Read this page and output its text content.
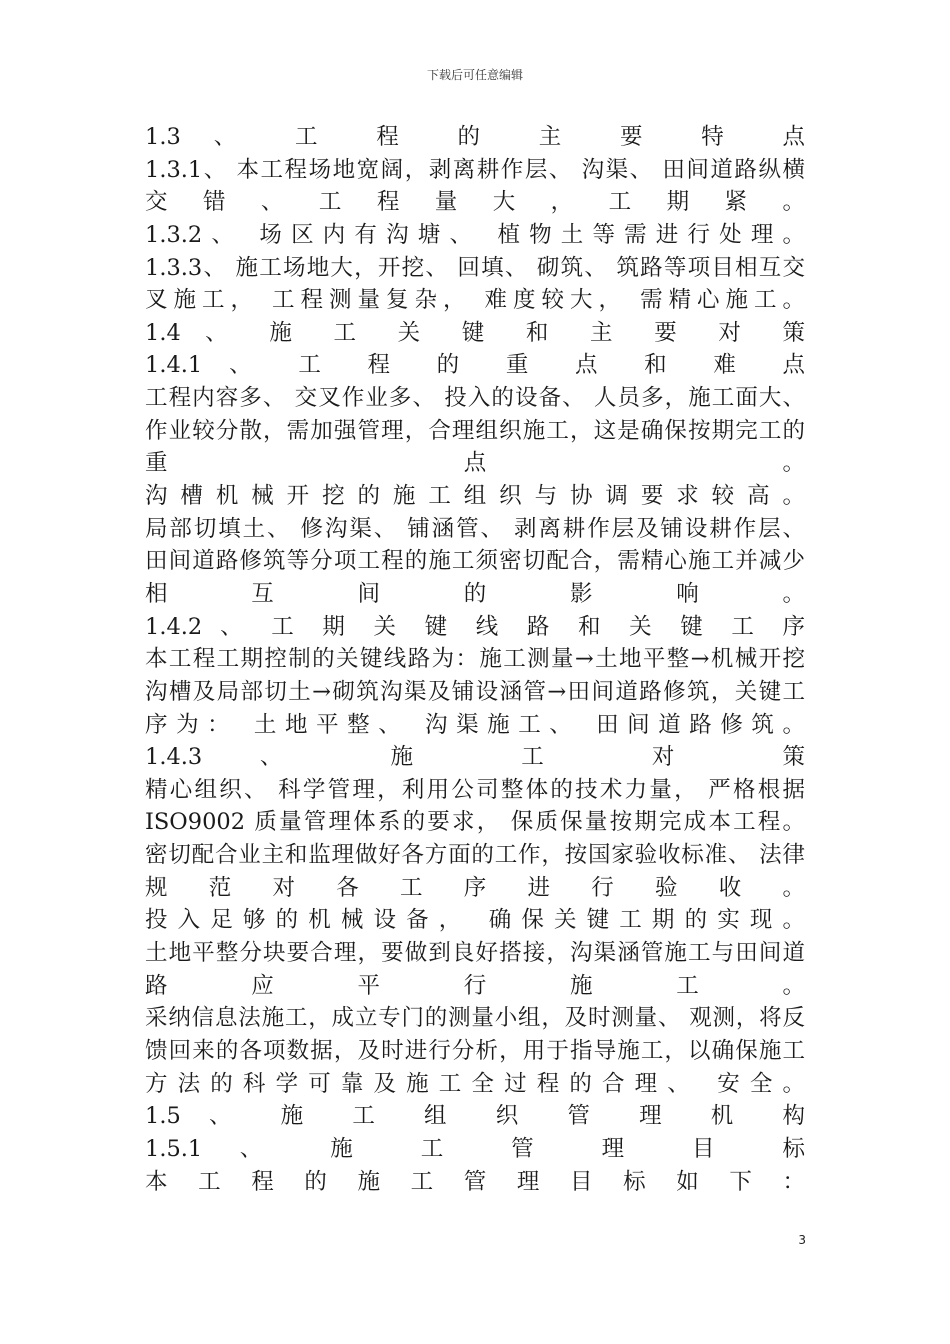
下载后可任意编辑
1.3 、 工 程 的 主 要 特 点
1.3.1、 本工程场地宽阔，剥离耕作层、 沟渠、 田间道路纵横
交 错 、 工 程 量 大 ， 工 期 紧 。
1.3.2、 场区内有沟塘、 植物土等需进行处理。
1.3.3、 施工场地大，开挖、 回填、 砌筑、 筑路等项目相互交
叉施工， 工程测量复杂， 难度较大， 需精心施工。
1.4 、 施 工 关 键 和 主 要 对 策
1.4.1 、 工 程 的 重 点 和 难 点
工程内容多、 交叉作业多、 投入的设备、 人员多，施工面大、
作业较分散，需加强管理，合理组织施工，这是确保按期完工的
重 点 。
沟槽机械开挖的施工组织与协调要求较高。
局部切填土、 修沟渠、 铺涵管、 剥离耕作层及铺设耕作层、
田间道路修筑等分项工程的施工须密切配合，需精心施工并减少
相 互 间 的 影 响 。
1.4.2 、 工 期 关 键 线 路 和 关 键 工 序
本工程工期控制的关键线路为：施工测量→土地平整→机械开挖
沟槽及局部切土→砌筑沟渠及铺设涵管→田间道路修筑，关键工
序为： 土地平整、 沟渠施工、 田间道路修筑。
1.4.3 、 施 工 对 策
精心组织、 科学管理，利用公司整体的技术力量， 严格根据
ISO9002 质量管理体系的要求， 保质保量按期完成本工程。
密切配合业主和监理做好各方面的工作，按国家验收标准、 法律
规 范 对 各 工 序 进 行 验 收 。
投入足够的机械设备， 确保关键工期的实现。
土地平整分块要合理，要做到良好搭接，沟渠涵管施工与田间道
路 应 平 行 施 工 。
采纳信息法施工，成立专门的测量小组，及时测量、 观测，将反
馈回来的各项数据，及时进行分析，用于指导施工，以确保施工
方法的科学可靠及施工全过程的合理、 安全。
1.5 、 施 工 组 织 管 理 机 构
1.5.1 、 施 工 管 理 目 标
本 工 程 的 施 工 管 理 目 标 如 下 ：
3
